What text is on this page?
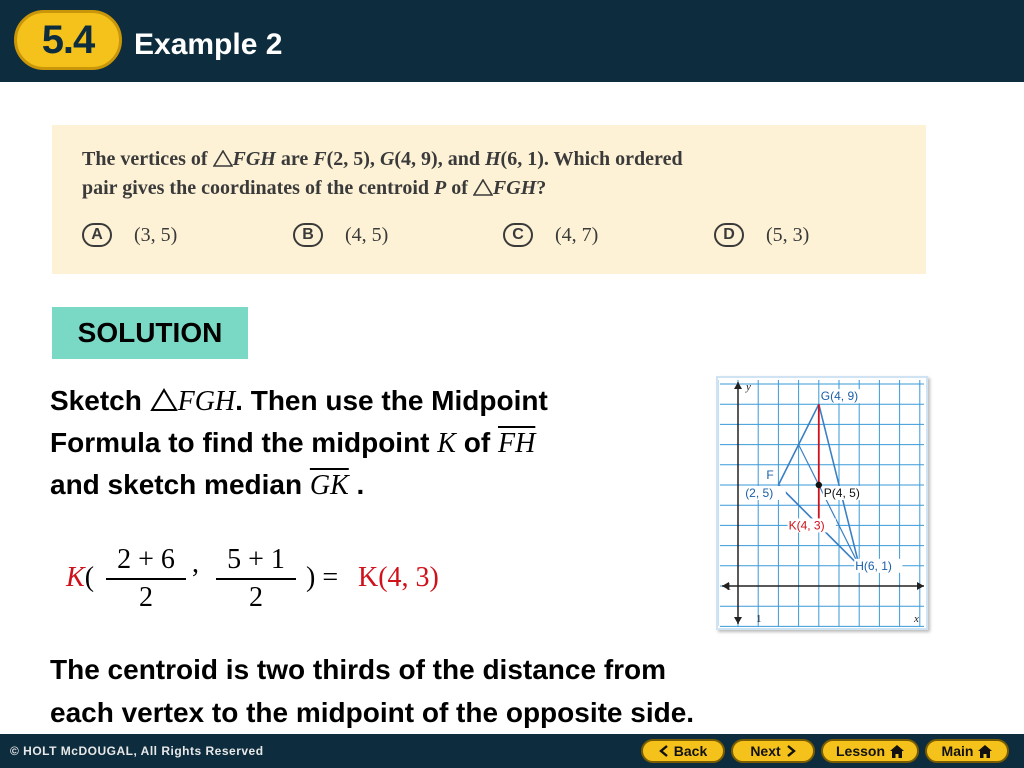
5.4 Example 2
The vertices of FGH are F(2, 5), G(4, 9), and H(6, 1). Which ordered
pair gives the coordinates of the centroid P of FGH?
A	(3, 5)	B	(4, 5)	C	(4, 7)	D	(5, 3)
SOLUTION
Sketch FGH. Then use the Midpoint
Formula to find the midpoint K of $\overline{FH}$
and sketch median $\overline{GK}$ .
K(
2 + 6
2
,	5 + 1
2
) = K(4, 3)
The centroid is two thirds of the distance from
each vertex to the midpoint of the opposite side.
y
x
1
1
G(4, 9)
F
(2, 5)	P(4, 5)
K(4, 3)
H(6, 1)
© HOLT McDOUGAL, All Rights Reserved	Back	Next	Lesson	Main
